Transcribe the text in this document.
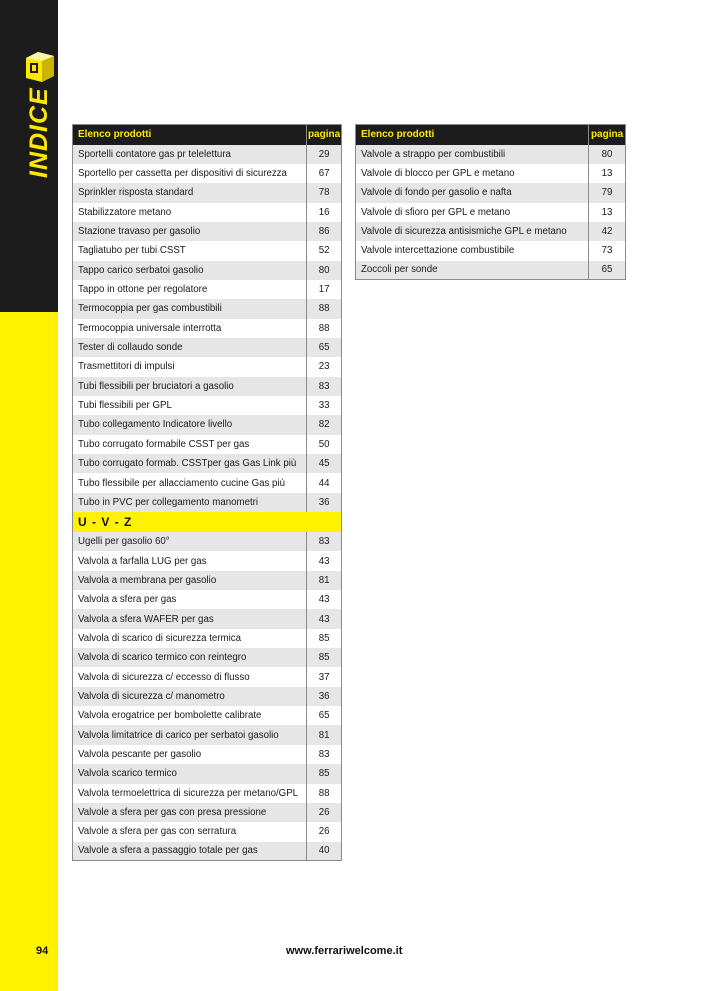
INDICE	Elenco prodotti	pagina
Sportelli contatore gas pr telelettura	29
Sportello per cassetta per dispositivi di sicurezza	67
Sprinkler risposta standard	78
Stabilizzatore metano	16
Stazione travaso per gasolio	86
Tagliatubo per tubi CSST	52
Tappo carico serbatoi gasolio	80
Tappo in ottone per regolatore	17
Termocoppia per gas combustibili	88
Termocoppia universale interrotta	88
Tester di collaudo sonde	65
Trasmettitori di impulsi	23
Tubi flessibili per bruciatori a gasolio	83
Tubi flessibili per GPL	33
Tubo collegamento Indicatore livello	82
Tubo corrugato formabile CSST per gas	50
Tubo corrugato formab. CSSTper gas Gas Link più	45
Tubo flessibile per allacciamento cucine Gas più	44
Tubo in PVC per collegamento manometri	36
U - V - Z	
Ugelli per gasolio 60°	83
Valvola a farfalla LUG per gas	43
Valvola a membrana per gasolio	81
Valvola a sfera per gas	43
Valvola a sfera WAFER per gas	43
Valvola di scarico di sicurezza termica	85
Valvola di scarico termico con reintegro	85
Valvola di sicurezza c/ eccesso di flusso	37
Valvola di sicurezza c/ manometro	36
Valvola erogatrice per bombolette calibrate	65
Valvola limitatrice di carico per serbatoi gasolio	81
Valvola pescante per gasolio	83
Valvola scarico termico	85
Valvola termoelettrica di sicurezza per metano/GPL	88
Valvole a sfera per gas con presa pressione	26
Valvole a sfera per gas con serratura	26
Valvole a sfera a passaggio totale per gas	40
Elenco prodotti	pagina
Valvole a strappo per combustibili	80
Valvole di blocco per GPL e metano	13
Valvole di fondo per gasolio e nafta	79
Valvole di sfioro per GPL e metano	13
Valvole di sicurezza antisismiche GPL e metano	42
Valvole intercettazione combustibile	73
Zoccoli per sonde	65
94	www.ferrariwelcome.it
